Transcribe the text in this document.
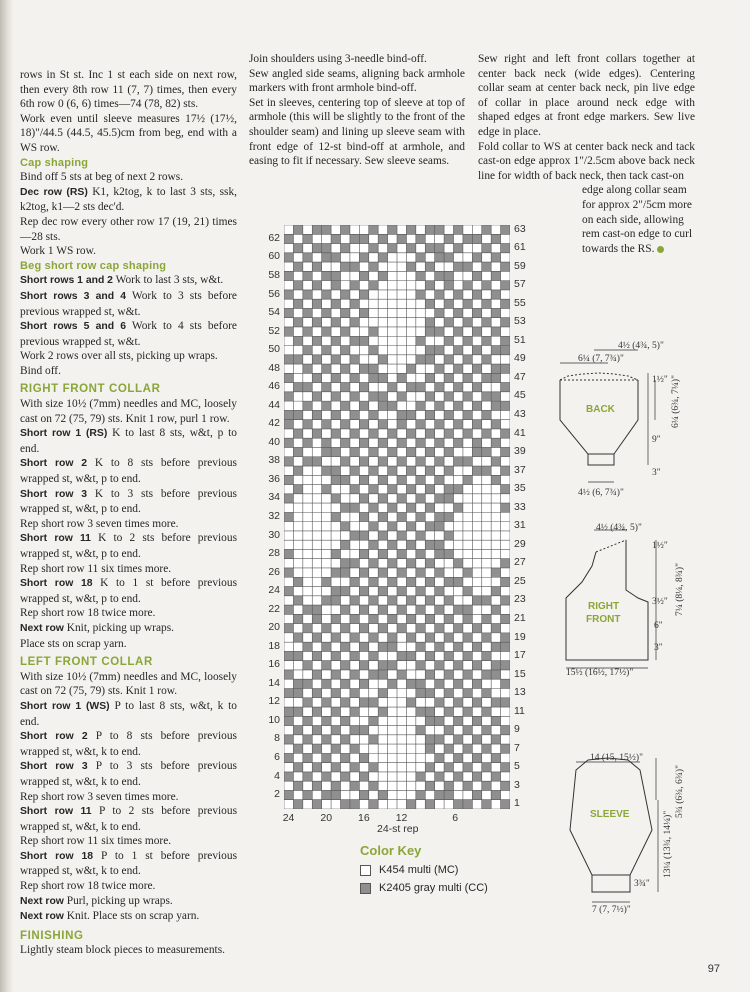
rows in St st. Inc 1 st each side on next row, then every 8th row 11 (7, 7) times, then every 6th row 0 (6, 6) times—74 (78, 82) sts.

Work even until sleeve measures 17½ (17½, 18)"/44.5 (44.5, 45.5)cm from beg, end with a WS row.

Cap shaping

Bind off 5 sts at beg of next 2 rows.

Dec row (RS) K1, k2tog, k to last 3 sts, ssk, k2tog, k1—2 sts dec'd.

Rep dec row every other row 17 (19, 21) times—28 sts.

Work 1 WS row.

Beg short row cap shaping

Short rows 1 and 2 Work to last 3 sts, w&t.

Short rows 3 and 4 Work to 3 sts before previous wrapped st, w&t.

Short rows 5 and 6 Work to 4 sts before previous wrapped st, w&t.

Work 2 rows over all sts, picking up wraps.

Bind off.

RIGHT FRONT COLLAR

With size 10½ (7mm) needles and MC, loosely cast on 72 (75, 79) sts. Knit 1 row, purl 1 row.

Short row 1 (RS) K to last 8 sts, w&t, p to end.

Short row 2 K to 8 sts before previous wrapped st, w&t, p to end.

Short row 3 K to 3 sts before previous wrapped st, w&t, p to end.

Rep short row 3 seven times more.

Short row 11 K to 2 sts before previous wrapped st, w&t, p to end.

Rep short row 11 six times more.

Short row 18 K to 1 st before previous wrapped st, w&t, p to end.

Rep short row 18 twice more.

Next row Knit, picking up wraps.

Place sts on scrap yarn.

LEFT FRONT COLLAR

With size 10½ (7mm) needles and MC, loosely cast on 72 (75, 79) sts. Knit 1 row.

Short row 1 (WS) P to last 8 sts, w&t, k to end.

Short row 2 P to 8 sts before previous wrapped st, w&t, k to end.

Short row 3 P to 3 sts before previous wrapped st, w&t, k to end.

Rep short row 3 seven times more.

Short row 11 P to 2 sts before previous wrapped st, w&t, k to end.

Rep short row 11 six times more.

Short row 18 P to 1 st before previous wrapped st, w&t, k to end.

Rep short row 18 twice more.

Next row Purl, picking up wraps.

Next row Knit. Place sts on scrap yarn.

FINISHING

Lightly steam block pieces to measurements.

Join shoulders using 3-needle bind-off.

Sew angled side seams, aligning back armhole markers with front armhole bind-off.

Set in sleeves, centering top of sleeve at top of armhole (this will be slightly to the front of the shoulder seam) and lining up sleeve seam with front edge of 12-st bind-off at armhole, and easing to fit if necessary. Sew sleeve seams.

Sew right and left front collars together at center back neck (wide edges). Centering collar seam at center back neck, pin live edge of collar in place around neck edge with shaped edges at front edge markers. Sew live edge in place.

Fold collar to WS at center back neck and tack cast-on edge approx 1"/2.5cm above back neck line for width of back neck, then tack cast-on

edge along collar seam for approx 2"/5cm more on each side, allowing rem cast-on edge to curl towards the RS.

62
60
58
56
54
52
50
48
46
44
42
40
38
36
34
32
30
28
26
24
22
20
18
16
14
12
10
8
6
4
2
63
61
59
57
55
53
51
49
47
45
43
41
39
37
35
33
31
29
27
25
23
21
19
17
15
13
11
9
7
5
3
1
24 20 16 12	6
24-st rep
Color Key
K454 multi (MC)
K2405 gray multi (CC)
BACK
4½ (4¾, 5)"
6¼ (7, 7¾)"
4½ (6, 7¾)"
1½" 6¼ (6¾, 7¼)"
9"
3"
RIGHT
FRONT
4½ (4¾, 5)"
1½"
7¼ (8¼, 8¾)"
3½"
6"
3"
15½ (16½, 17½)"
SLEEVE
14 (15, 15½)"
5¾ (6¾, 6¾)"
13¼ (13¾, 14¼)"
3¾"
7 (7, 7½)"
97
